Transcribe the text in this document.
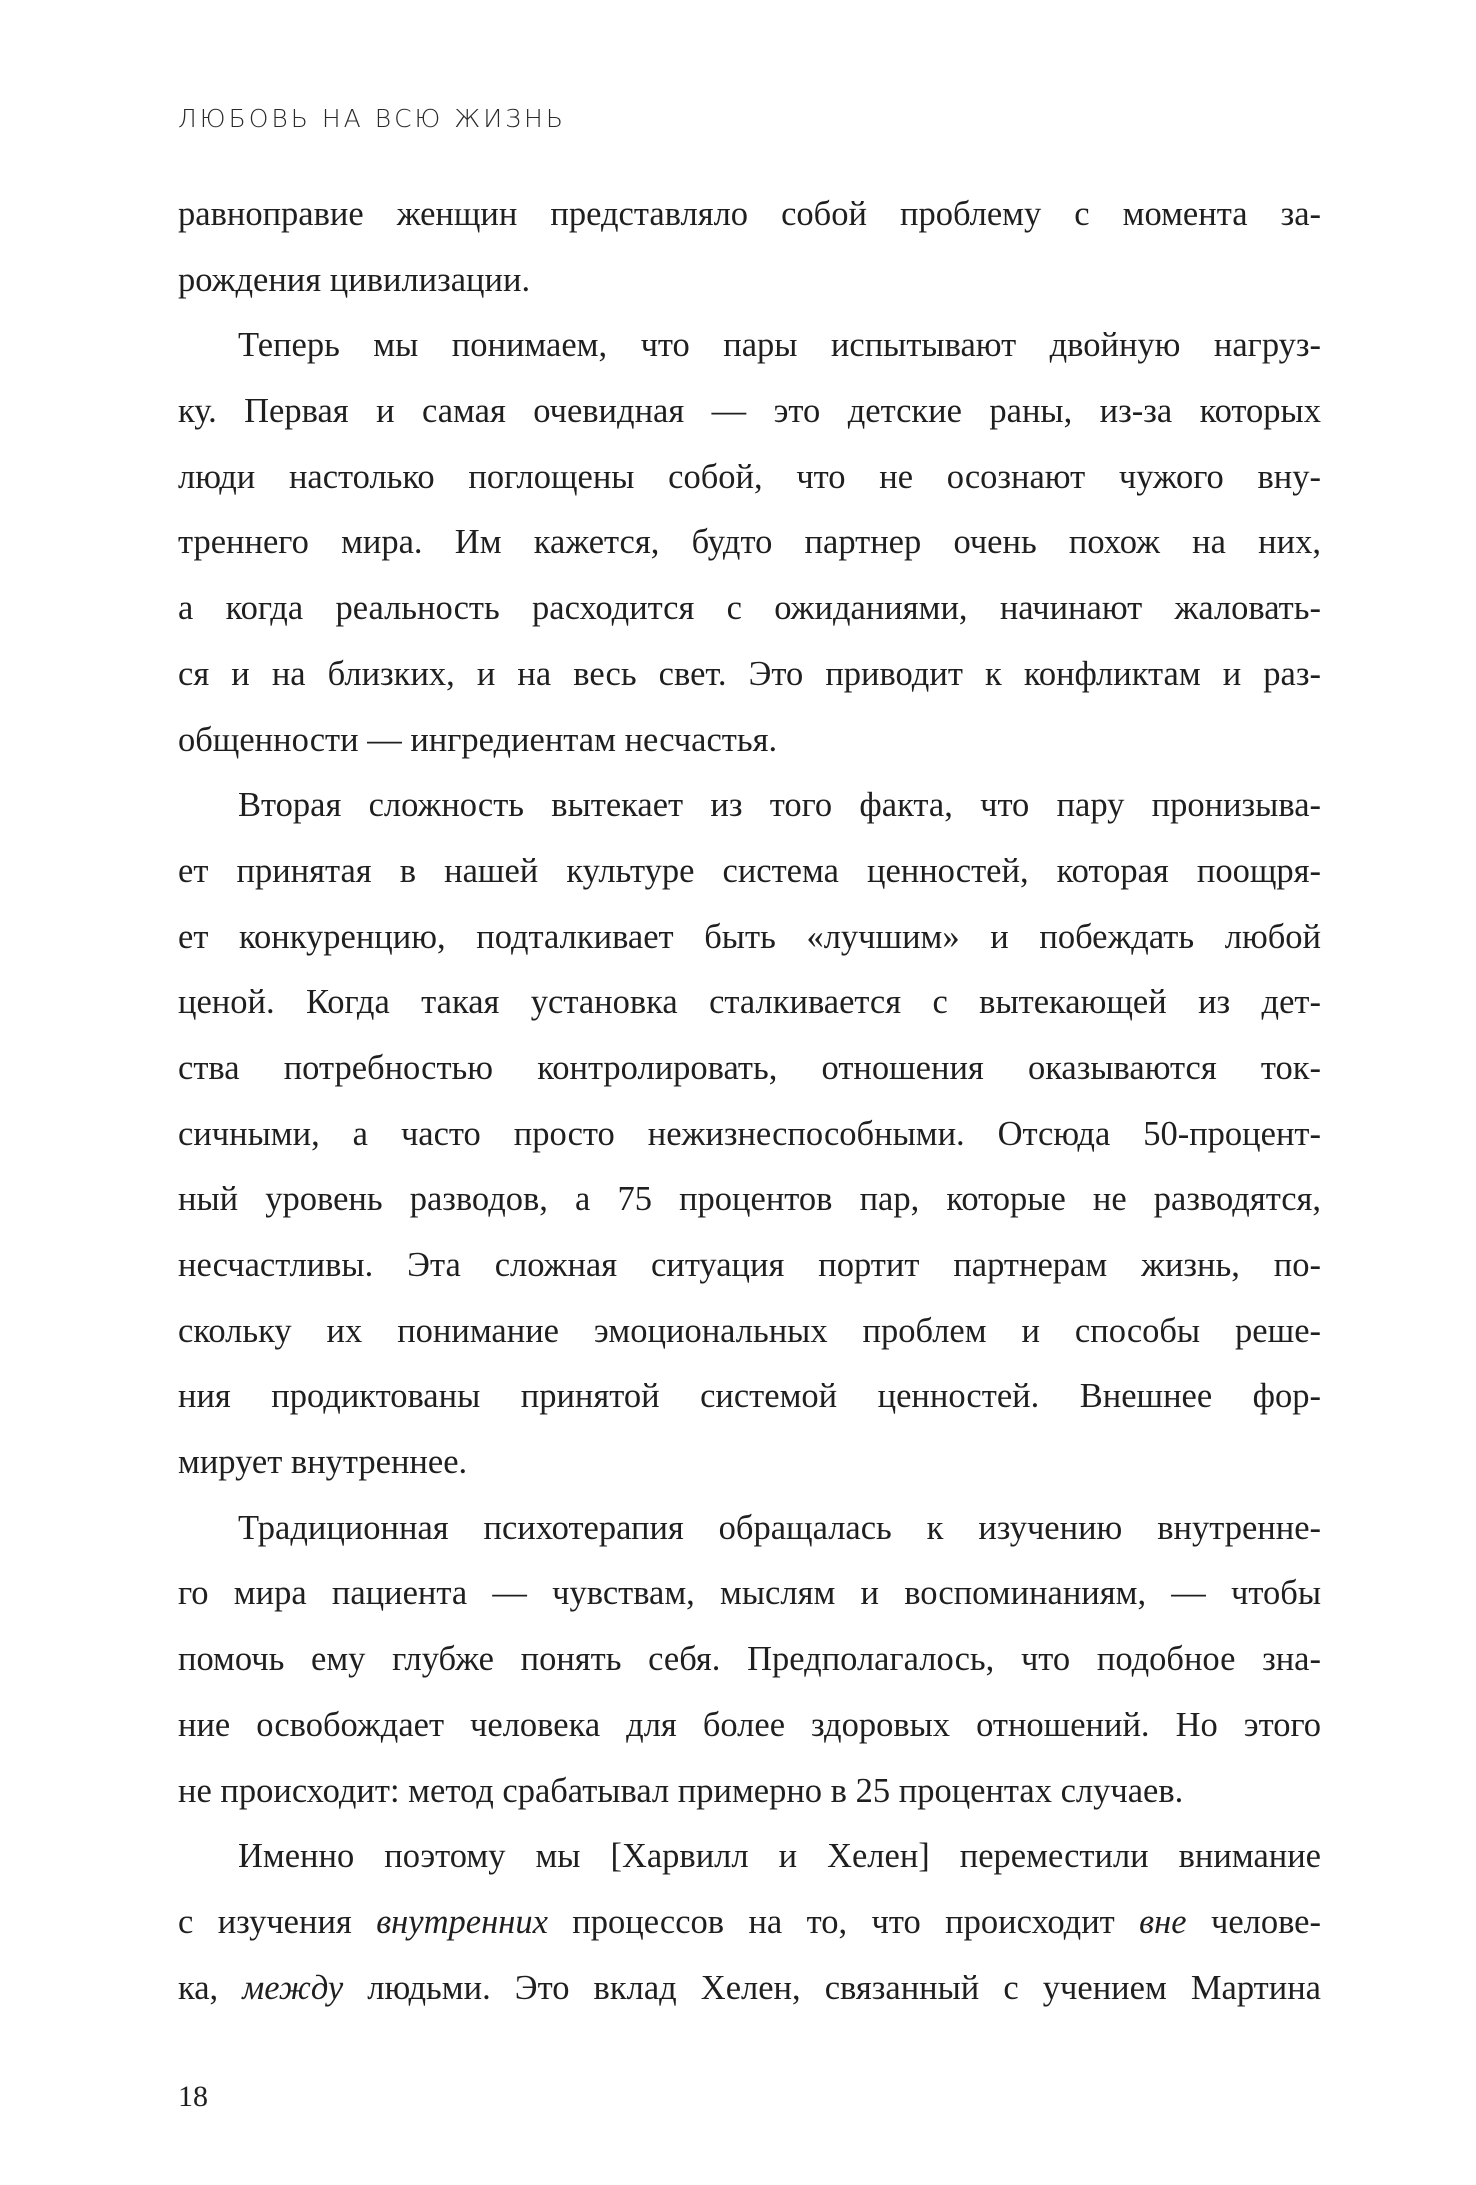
ЛЮБОВЬ НА ВСЮ ЖИЗНЬ
равноправие женщин представляло собой проблему с момента за-
рождения цивилизации.
Теперь мы понимаем, что пары испытывают двойную нагруз-
ку. Первая и самая очевидная — это детские раны, из-за которых
люди настолько поглощены собой, что не осознают чужого вну-
треннего мира. Им кажется, будто партнер очень похож на них,
а когда реальность расходится с ожиданиями, начинают жаловать-
ся и на близких, и на весь свет. Это приводит к конфликтам и раз-
общенности — ингредиентам несчастья.
Вторая сложность вытекает из того факта, что пару пронизыва-
ет принятая в нашей культуре система ценностей, которая поощря-
ет конкуренцию, подталкивает быть «лучшим» и побеждать любой
ценой. Когда такая установка сталкивается с вытекающей из дет-
ства потребностью контролировать, отношения оказываются ток-
сичными, а часто просто нежизнеспособными. Отсюда 50-процент-
ный уровень разводов, а 75 процентов пар, которые не разводятся,
несчастливы. Эта сложная ситуация портит партнерам жизнь, по-
скольку их понимание эмоциональных проблем и способы реше-
ния продиктованы принятой системой ценностей. Внешнее фор-
мирует внутреннее.
Традиционная психотерапия обращалась к изучению внутренне-
го мира пациента — чувствам, мыслям и воспоминаниям, — чтобы
помочь ему глубже понять себя. Предполагалось, что подобное зна-
ние освобождает человека для более здоровых отношений. Но этого
не происходит: метод срабатывал примерно в 25 процентах случаев.
Именно поэтому мы [Харвилл и Хелен] переместили внимание
с изучения внутренних процессов на то, что происходит вне челове-
ка, между людьми. Это вклад Хелен, связанный с учением Мартина
18
